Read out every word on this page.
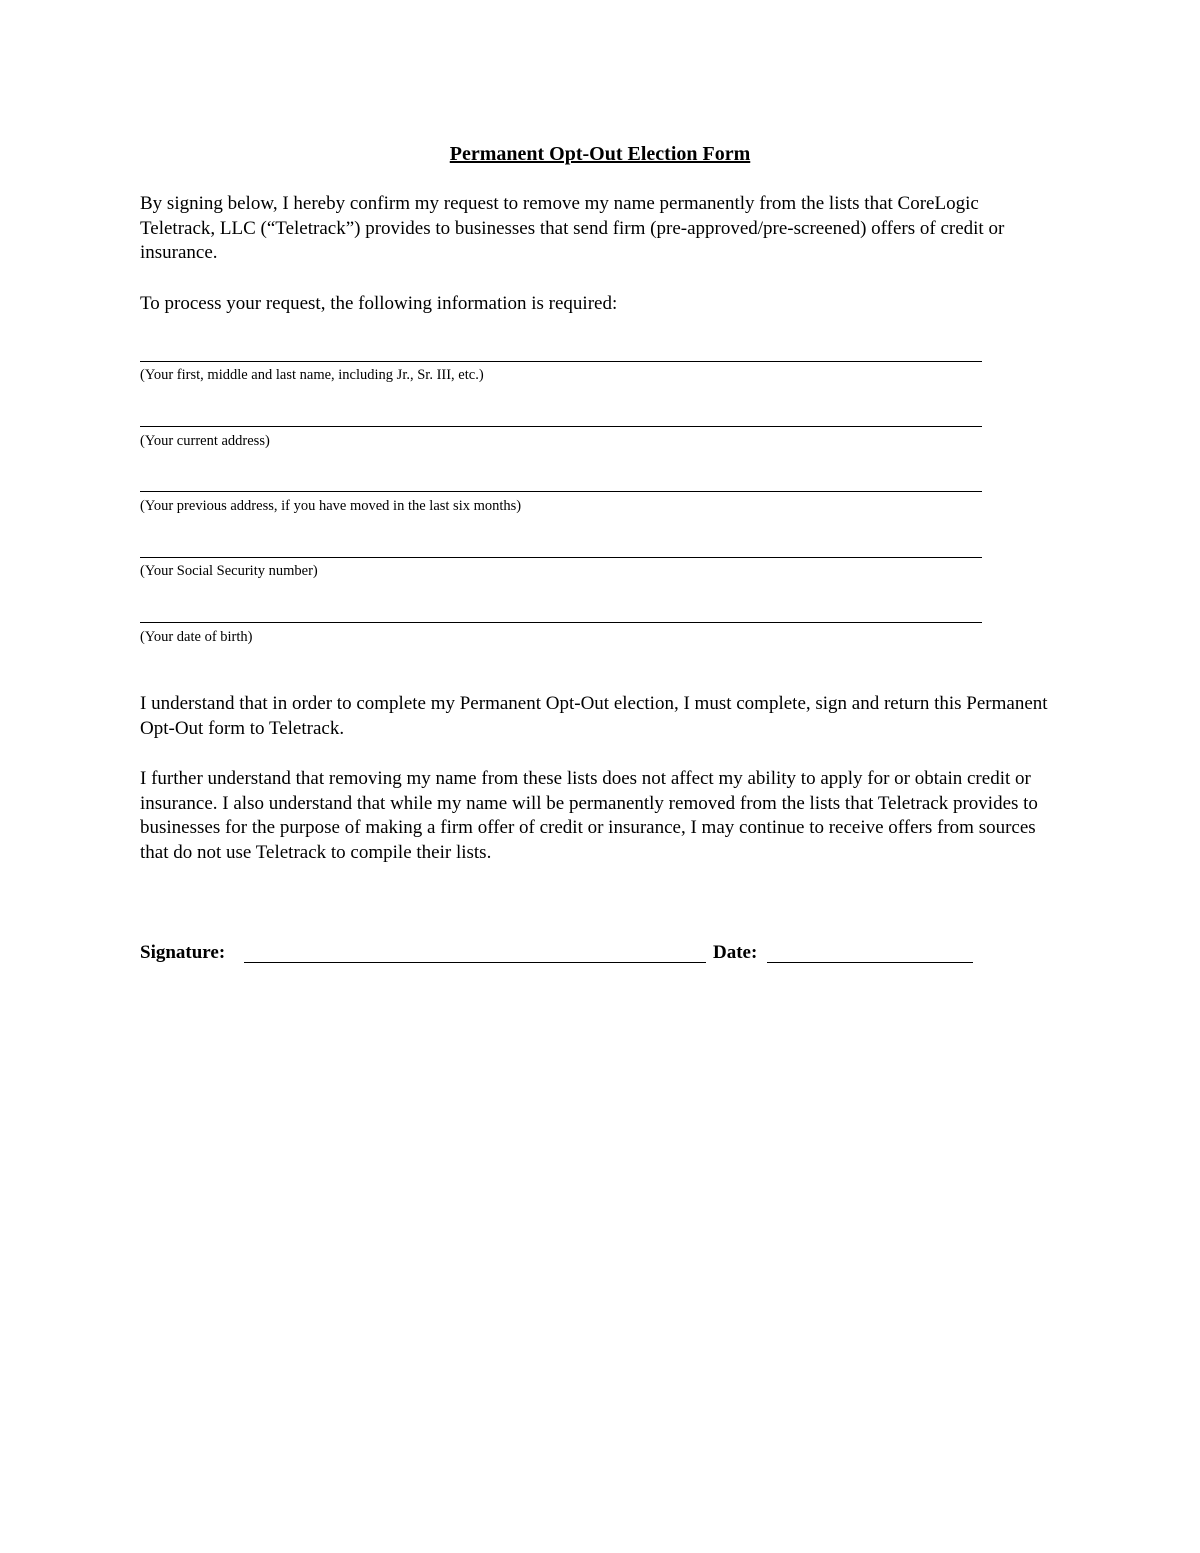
Permanent Opt-Out Election Form
By signing below, I hereby confirm my request to remove my name permanently from the lists that CoreLogic Teletrack, LLC (“Teletrack”) provides to businesses that send firm (pre-approved/pre-screened) offers of credit or insurance.
To process your request, the following information is required:
(Your first, middle and last name, including Jr., Sr. III, etc.)
(Your current address)
(Your previous address, if you have moved in the last six months)
(Your Social Security number)
(Your date of birth)
I understand that in order to complete my Permanent Opt-Out election, I must complete, sign and return this Permanent Opt-Out form to Teletrack.
I further understand that removing my name from these lists does not affect my ability to apply for or obtain credit or insurance. I also understand that while my name will be permanently removed from the lists that Teletrack provides to businesses for the purpose of making a firm offer of credit or insurance, I may continue to receive offers from sources that do not use Teletrack to compile their lists.
Signature:	Date:
